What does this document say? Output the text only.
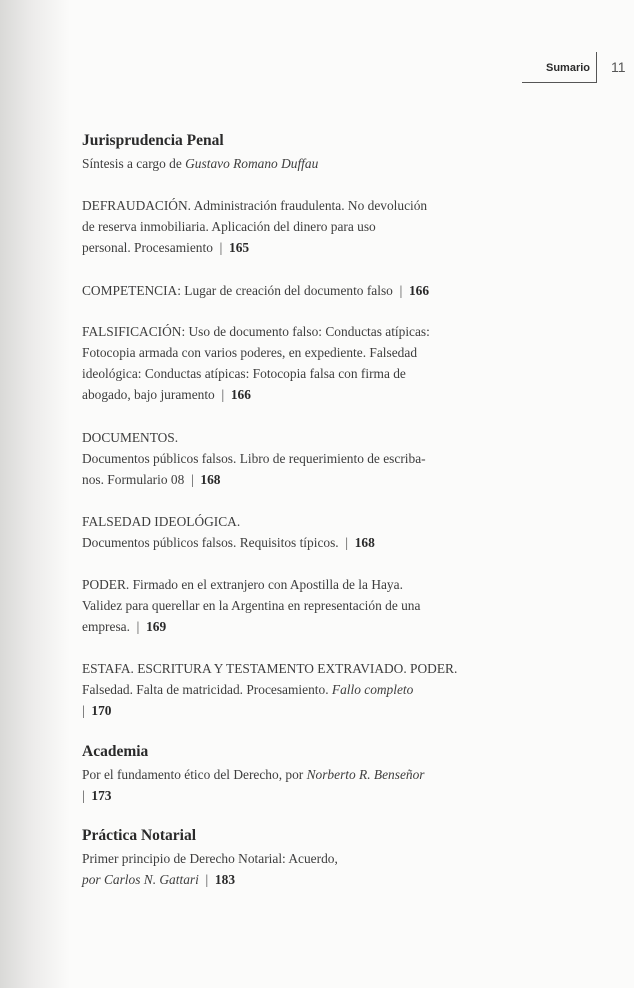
Sumario 11
Jurisprudencia Penal
Síntesis a cargo de Gustavo Romano Duffau
DEFRAUDACIÓN. Administración fraudulenta. No devolución
de reserva inmobiliaria. Aplicación del dinero para uso
personal. Procesamiento | 165
COMPETENCIA: Lugar de creación del documento falso | 166
FALSIFICACIÓN: Uso de documento falso: Conductas atípicas:
Fotocopia armada con varios poderes, en expediente. Falsedad
ideológica: Conductas atípicas: Fotocopia falsa con firma de
abogado, bajo juramento | 166
DOCUMENTOS.
Documentos públicos falsos. Libro de requerimiento de escriba-
nos. Formulario 08 | 168
FALSEDAD IDEOLÓGICA.
Documentos públicos falsos. Requisitos típicos. | 168
PODER. Firmado en el extranjero con Apostilla de la Haya.
Validez para querellar en la Argentina en representación de una
empresa. | 169
ESTAFA. ESCRITURA Y TESTAMENTO EXTRAVIADO. PODER.
Falsedad. Falta de matricidad. Procesamiento. Fallo completo
| 170
Academia
Por el fundamento ético del Derecho, por Norberto R. Benseñor
| 173
Práctica Notarial
Primer principio de Derecho Notarial: Acuerdo,
por Carlos N. Gattari | 183
